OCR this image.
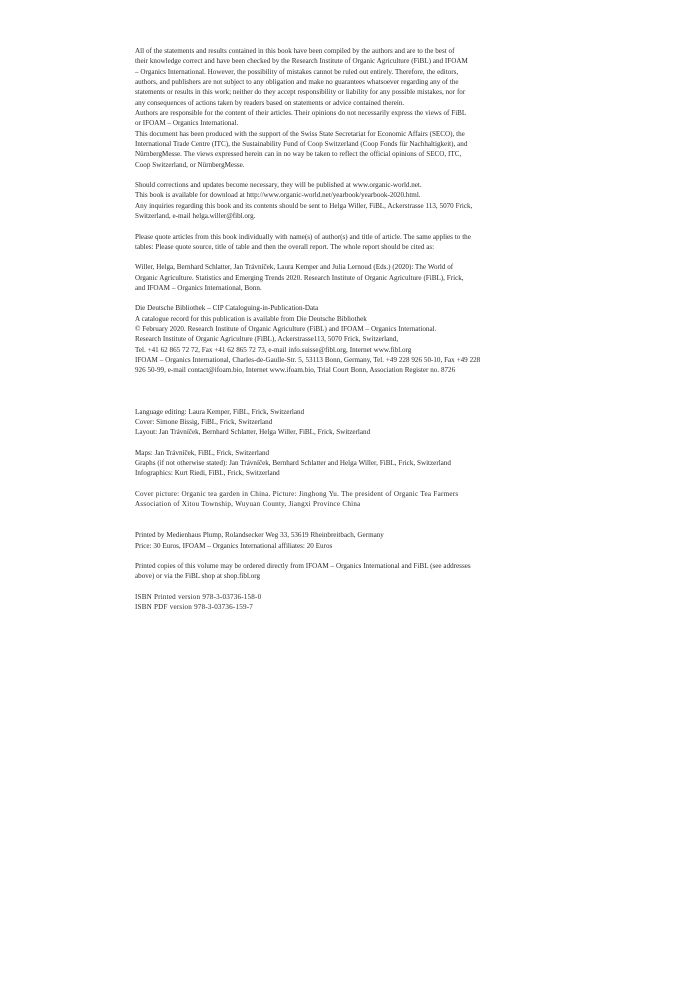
All of the statements and results contained in this book have been compiled by the authors and are to the best of
their knowledge correct and have been checked by the Research Institute of Organic Agriculture (FiBL) and IFOAM
– Organics International. However, the possibility of mistakes cannot be ruled out entirely. Therefore, the editors,
authors, and publishers are not subject to any obligation and make no guarantees whatsoever regarding any of the
statements or results in this work; neither do they accept responsibility or liability for any possible mistakes, nor for
any consequences of actions taken by readers based on statements or advice contained therein.
Authors are responsible for the content of their articles. Their opinions do not necessarily express the views of FiBL
or IFOAM – Organics International.
This document has been produced with the support of the Swiss State Secretariat for Economic Affairs (SECO), the
International Trade Centre (ITC), the Sustainability Fund of Coop Switzerland (Coop Fonds für Nachhaltigkeit), and
NürnbergMesse. The views expressed herein can in no way be taken to reflect the official opinions of SECO, ITC,
Coop Switzerland, or NürnbergMesse.
Should corrections and updates become necessary, they will be published at www.organic-world.net.
This book is available for download at http://www.organic-world.net/yearbook/yearbook-2020.html.
Any inquiries regarding this book and its contents should be sent to Helga Willer, FiBL, Ackerstrasse 113, 5070 Frick,
Switzerland, e-mail helga.willer@fibl.org.
Please quote articles from this book individually with name(s) of author(s) and title of article. The same applies to the
tables: Please quote source, title of table and then the overall report. The whole report should be cited as:
Willer, Helga, Bernhard Schlatter, Jan Trávníček, Laura Kemper and Julia Lernoud (Eds.) (2020): The World of
Organic Agriculture. Statistics and Emerging Trends 2020. Research Institute of Organic Agriculture (FiBL), Frick,
and IFOAM – Organics International, Bonn.
Die Deutsche Bibliothek – CIP Cataloguing-in-Publication-Data
A catalogue record for this publication is available from Die Deutsche Bibliothek
© February 2020. Research Institute of Organic Agriculture (FiBL) and IFOAM – Organics International.
Research Institute of Organic Agriculture (FiBL), Ackerstrasse113, 5070 Frick, Switzerland,
Tel. +41 62 865 72 72, Fax +41 62 865 72 73, e-mail info.suisse@fibl.org, Internet www.fibl.org
IFOAM – Organics International, Charles-de-Gaulle-Str. 5, 53113 Bonn, Germany, Tel. +49 228 926 50-10, Fax +49 228
926 50-99, e-mail contact@ifoam.bio, Internet www.ifoam.bio, Trial Court Bonn, Association Register no. 8726
Language editing: Laura Kemper, FiBL, Frick, Switzerland
Cover: Simone Bissig, FiBL, Frick, Switzerland
Layout: Jan Trávníček, Bernhard Schlatter, Helga Willer, FiBL, Frick, Switzerland
Maps: Jan Trávníček, FiBL, Frick, Switzerland
Graphs (if not otherwise stated): Jan Trávníček, Bernhard Schlatter and Helga Willer, FiBL, Frick, Switzerland
Infographics: Kurt Riedi, FiBL, Frick, Switzerland
Cover picture: Organic tea garden in China. Picture: Jinghong Yu. The president of Organic Tea Farmers
Association of Xitou Township, Wuyuan County, Jiangxi Province China
Printed by Medienhaus Plump, Rolandsecker Weg 33, 53619 Rheinbreitbach, Germany
Price: 30 Euros, IFOAM – Organics International affiliates: 20 Euros
Printed copies of this volume may be ordered directly from IFOAM – Organics International and FiBL (see addresses
above) or via the FiBL shop at shop.fibl.org
ISBN Printed version 978-3-03736-158-0
ISBN PDF version 978-3-03736-159-7
